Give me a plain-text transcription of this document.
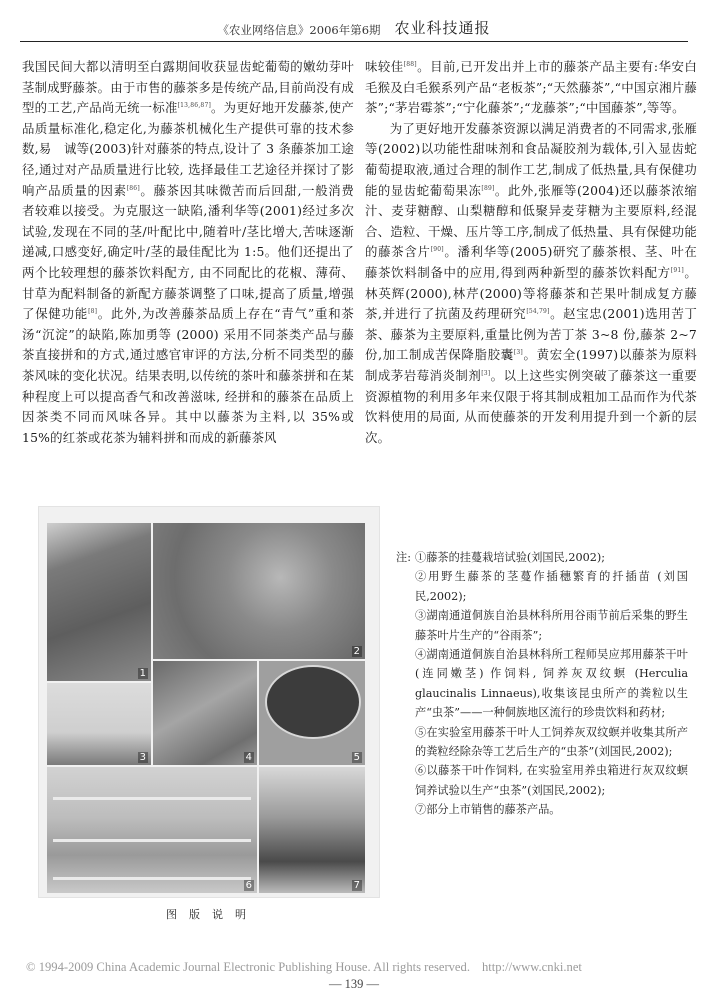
《农业网络信息》2006年第6期 农业科技通报

我国民间大都以清明至白露期间收获显齿蛇葡萄的嫩幼芽叶茎制成野藤茶。由于市售的藤茶多是传统产品,目前尚没有成型的工艺,产品尚无统一标准[13,86,87]。为更好地开发藤茶,使产品质量标准化,稳定化,为藤茶机械化生产提供可靠的技术参数,易　诚等(2003)针对藤茶的特点,设计了 3 条藤茶加工途径,通过对产品质量进行比较, 选择最佳工艺途径并探讨了影响产品质量的因素[86]。藤茶因其味微苦而后回甜,一般消费者较难以接受。为克服这一缺陷,潘利华等(2001)经过多次试验,发现在不同的茎/叶配比中,随着叶/茎比增大,苦味逐渐递减,口感变好,确定叶/茎的最佳配比为 1:5。他们还提出了两个比较理想的藤茶饮料配方, 由不同配比的花椒、薄荷、甘草为配料制备的新配方藤茶调整了口味,提高了质量,增强了保健功能[8]。此外,为改善藤茶品质上存在“青气”重和茶汤“沉淀”的缺陷,陈加勇等 (2000) 采用不同茶类产品与藤茶直接拼和的方式,通过感官审评的方法,分析不同类型的藤茶风味的变化状况。结果表明,以传统的茶叶和藤茶拼和在某种程度上可以提高香气和改善滋味, 经拼和的藤茶在品质上因茶类不同而风味各异。其中以藤茶为主料,以 35%或 15%的红茶或花茶为辅料拼和而成的新藤茶风

味较佳[88]。目前,已开发出并上市的藤茶产品主要有:华安白毛猴及白毛猴系列产品“老板茶”;“天然藤茶”,“中国京湘片藤茶”;“茅岩霉茶”;“宁化藤茶”;“龙藤茶”;“中国藤茶”,等等。

为了更好地开发藤茶资源以满足消费者的不同需求,张雁等(2002)以功能性甜味剂和食品凝胶剂为载体,引入显齿蛇葡萄提取液,通过合理的制作工艺,制成了低热量,具有保健功能的显齿蛇葡萄果冻[89]。此外,张雁等(2004)还以藤茶浓缩汁、麦芽糖醇、山梨糖醇和低聚异麦芽糖为主要原料,经混合、造粒、干燥、压片等工序,制成了低热量、具有保健功能的藤茶含片[90]。潘利华等(2005)研究了藤茶根、茎、叶在藤茶饮料制备中的应用,得到两种新型的藤茶饮料配方[91]。林英辉(2000),林芹(2000)等将藤茶和芒果叶制成复方藤茶,并进行了抗菌及药理研究[54,79]。赵宝忠(2001)选用苦丁茶、藤茶为主要原料,重量比例为苦丁茶 3~8 份,藤茶 2~7 份,加工制成苦保降脂胶囊[3]。黄宏全(1997)以藤茶为原料制成茅岩莓消炎制剂[3]。以上这些实例突破了藤茶这一重要资源植物的利用多年来仅限于将其制成粗加工品而作为代茶饮料使用的局面, 从而使藤茶的开发利用提升到一个新的层次。

1
2
3	4	5
6	7
注: ①藤茶的挂蔓栽培试验(刘国民,2002);

②用野生藤茶的茎蔓作插穗繁育的扦插苗 (刘国民,2002);

③湖南通道侗族自治县林科所用谷雨节前后采集的野生藤茶叶片生产的“谷雨茶”;

④湖南通道侗族自治县林科所工程师吴应邦用藤茶干叶 (连同嫩茎) 作饲料, 饲养灰双纹螟 (Herculia glaucinalis Linnaeus),收集该昆虫所产的粪粒以生产“虫茶”——一种侗族地区流行的珍贵饮料和药材;

⑤在实验室用藤茶干叶人工饲养灰双纹螟并收集其所产的粪粒经除杂等工艺后生产的“虫茶”(刘国民,2002);

⑥以藤茶干叶作饲料, 在实验室用养虫箱进行灰双纹螟饲养试验以生产“虫茶”(刘国民,2002);

⑦部分上市销售的藤茶产品。

图版说明
© 1994-2009 China Academic Journal Electronic Publishing House. All rights reserved. http://www.cnki.net
— 139 —
